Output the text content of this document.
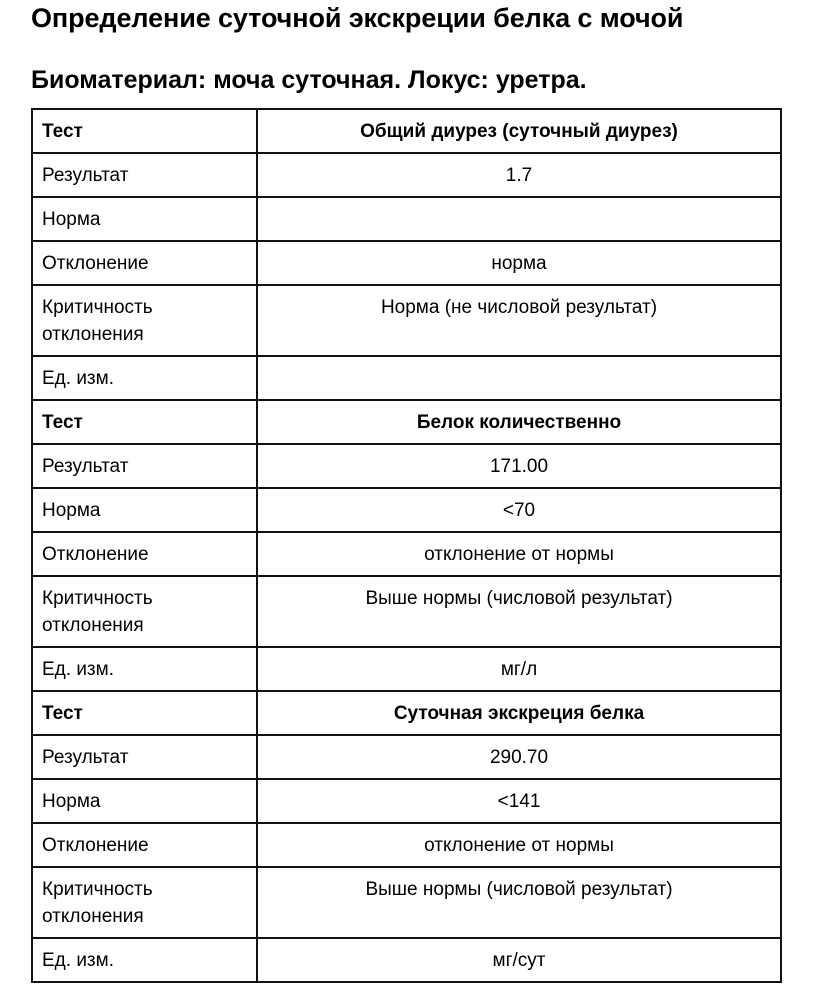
Определение суточной экскреции белка с мочой
Биоматериал: моча суточная. Локус: уретра.
Тест	Общий диурез (суточный диурез)
Результат	1.7
Норма	
Отклонение	норма
Критичность отклонения	Норма (не числовой результат)
Ед. изм.	
Тест	Белок количественно
Результат	171.00
Норма	<70
Отклонение	отклонение от нормы
Критичность отклонения	Выше нормы (числовой результат)
Ед. изм.	мг/л
Тест	Суточная экскреция белка
Результат	290.70
Норма	<141
Отклонение	отклонение от нормы
Критичность отклонения	Выше нормы (числовой результат)
Ед. изм.	мг/сут
